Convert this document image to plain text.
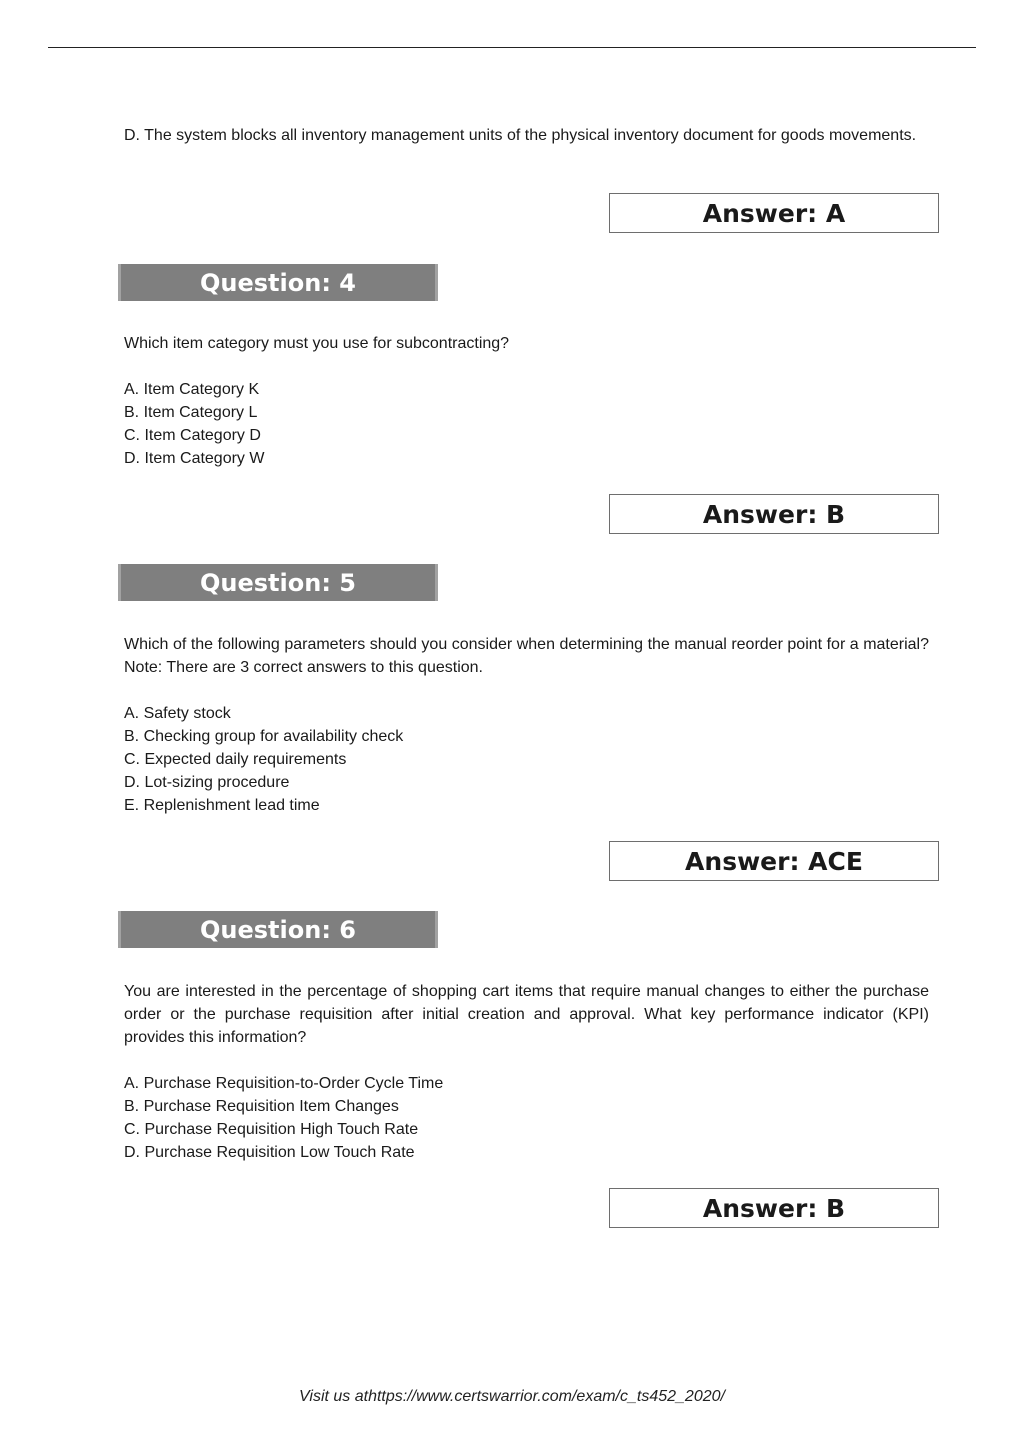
D. The system blocks all inventory management units of the physical inventory document for goods movements.
Answer: A
Question: 4
Which item category must you use for subcontracting?
A. Item Category K
B. Item Category L
C. Item Category D
D. Item Category W
Answer: B
Question: 5
Which of the following parameters should you consider when determining the manual reorder point for a material? Note: There are 3 correct answers to this question.
A. Safety stock
B. Checking group for availability check
C. Expected daily requirements
D. Lot-sizing procedure
E. Replenishment lead time
Answer: ACE
Question: 6
You are interested in the percentage of shopping cart items that require manual changes to either the purchase order or the purchase requisition after initial creation and approval. What key performance indicator (KPI) provides this information?
A. Purchase Requisition-to-Order Cycle Time
B. Purchase Requisition Item Changes
C. Purchase Requisition High Touch Rate
D. Purchase Requisition Low Touch Rate
Answer: B
Visit us athttps://www.certswarrior.com/exam/c_ts452_2020/
